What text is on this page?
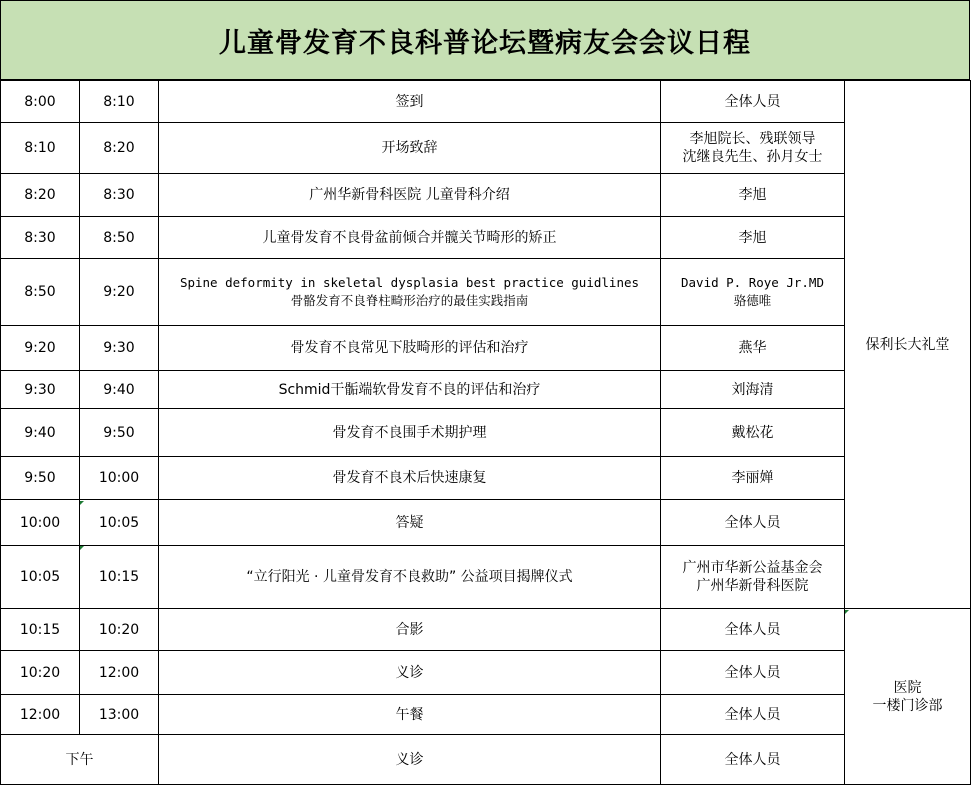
儿童骨发育不良科普论坛暨病友会会议日程
8:00	8:10	签到	全体人员	保利长大礼堂

8:10	8:20	开场致辞	李旭院长、残联领导
沈继良先生、孙月女士	

8:20	8:30	广州华新骨科医院 儿童骨科介绍	李旭	

8:30	8:50	儿童骨发育不良骨盆前倾合并髋关节畸形的矫正	李旭	

8:50	9:20	Spine deformity in skeletal dysplasia best practice guidlines
骨骼发育不良脊柱畸形治疗的最佳实践指南	David P. Roye Jr.MD
骆德唯	

9:20	9:30	骨发育不良常见下肢畸形的评估和治疗	燕华	

9:30	9:40	Schmid干骺端软骨发育不良的评估和治疗	刘海清	

9:40	9:50	骨发育不良围手术期护理	戴松花	

9:50	10:00	骨发育不良术后快速康复	李丽婵	

10:00	10:05	答疑	全体人员	

10:05	10:15	“立行阳光 · 儿童骨发育不良救助” 公益项目揭牌仪式	广州市华新公益基金会
广州华新骨科医院	

10:15	10:20	合影	全体人员	医院
一楼门诊部

10:20	12:00	义诊	全体人员	

12:00	13:00	午餐	全体人员	

下午		义诊	全体人员	
